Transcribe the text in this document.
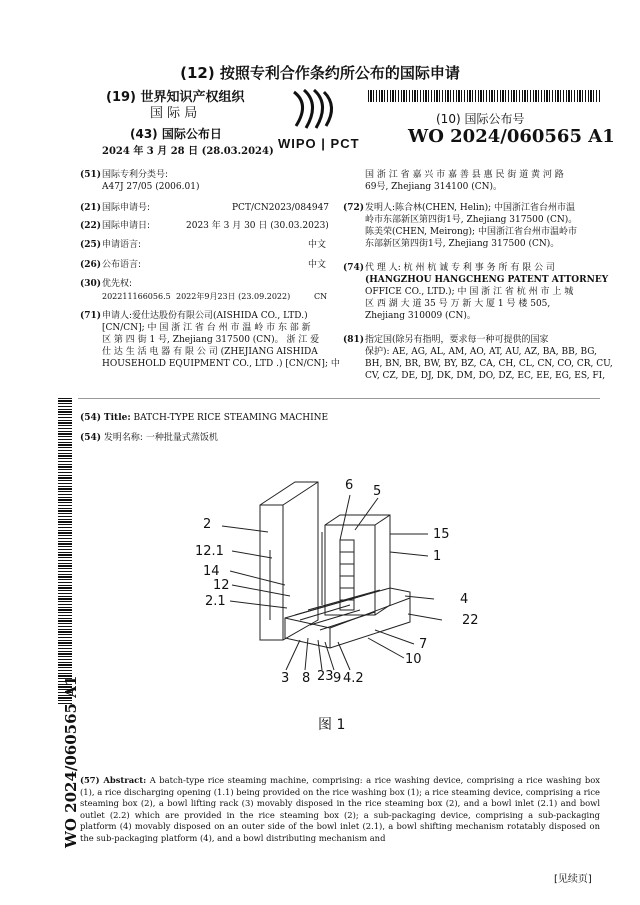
(12) 按照专利合作条约所公布的国际申请
(19) 世界知识产权组织
国 际 局
(43) 国际公布日
2024 年 3 月 28 日 (28.03.2024)
WIPO | PCT
(10) 国际公布号
WO 2024/060565 A1
(51) 国际专利分类号:
A47J 27/05 (2006.01)
(21) 国际申请号:	PCT/CN2023/084947
(22) 国际申请日:	2023 年 3 月 30 日 (30.03.2023)
(25) 申请语言:	中文
(26) 公布语言:	中文
(30) 优先权:
202211166056.5 2022年9月23日 (23.09.2022)	CN
(71) 申请人:爱仕达股份有限公司(AISHIDA CO., LTD.)
[CN/CN]; 中 国 浙 江 省 台 州 市 温 岭 市 东 部 新
区 第 四 街 1 号, Zhejiang 317500 (CN)。 浙 江 爱
仕 达 生 活 电 器 有 限 公 司 (ZHEJIANG AISHIDA
HOUSEHOLD EQUIPMENT CO., LTD .) [CN/CN]; 中
国 浙 江 省 嘉 兴 市 嘉 善 县 惠 民 街 道 黄 河 路
69号, Zhejiang 314100 (CN)。
(72) 发明人:陈合林(CHEN, Helin); 中国浙江省台州市温
岭市东部新区第四街1号, Zhejiang 317500 (CN)。
陈美荣(CHEN, Meirong); 中国浙江省台州市温岭市
东部新区第四街1号, Zhejiang 317500 (CN)。
(74) 代 理 人: 杭 州 杭 诚 专 利 事 务 所 有 限 公 司
(HANGZHOU HANGCHENG PATENT ATTORNEY
OFFICE CO., LTD.); 中 国 浙 江 省 杭 州 市 上 城
区 西 湖 大 道 35 号 万 新 大 厦 1 号 楼 505,
Zhejiang 310009 (CN)。
(81) 指定国(除另有指明，要求每一种可提供的国家
保护): AE, AG, AL, AM, AO, AT, AU, AZ, BA, BB, BG,
BH, BN, BR, BW, BY, BZ, CA, CH, CL, CN, CO, CR, CU,
CV, CZ, DE, DJ, DK, DM, DO, DZ, EC, EE, EG, ES, FI,
WO 2024/060565 A1
(54) Title: BATCH-TYPE RICE STEAMING MACHINE
(54) 发明名称: 一种批量式蒸饭机
6 5
2
15
12.1	1
14
12
2.1	4
22
7
10
3 8 23 9 4.2
图 1
(57) Abstract: A batch-type rice steaming machine, comprising: a rice washing device, comprising a rice washing box (1), a rice discharging opening (1.1) being provided on the rice washing box (1); a rice steaming device, comprising a rice steaming box (2), a bowl lifting rack (3) movably disposed in the rice steaming box (2), and a bowl inlet (2.1) and bowl outlet (2.2) which are provided in the rice steaming box (2); a sub-packaging device, comprising a sub-packaging platform (4) movably disposed on an outer side of the bowl inlet (2.1), a bowl shifting mechanism rotatably disposed on the sub-packaging platform (4), and a bowl distributing mechanism and
[见续页]
